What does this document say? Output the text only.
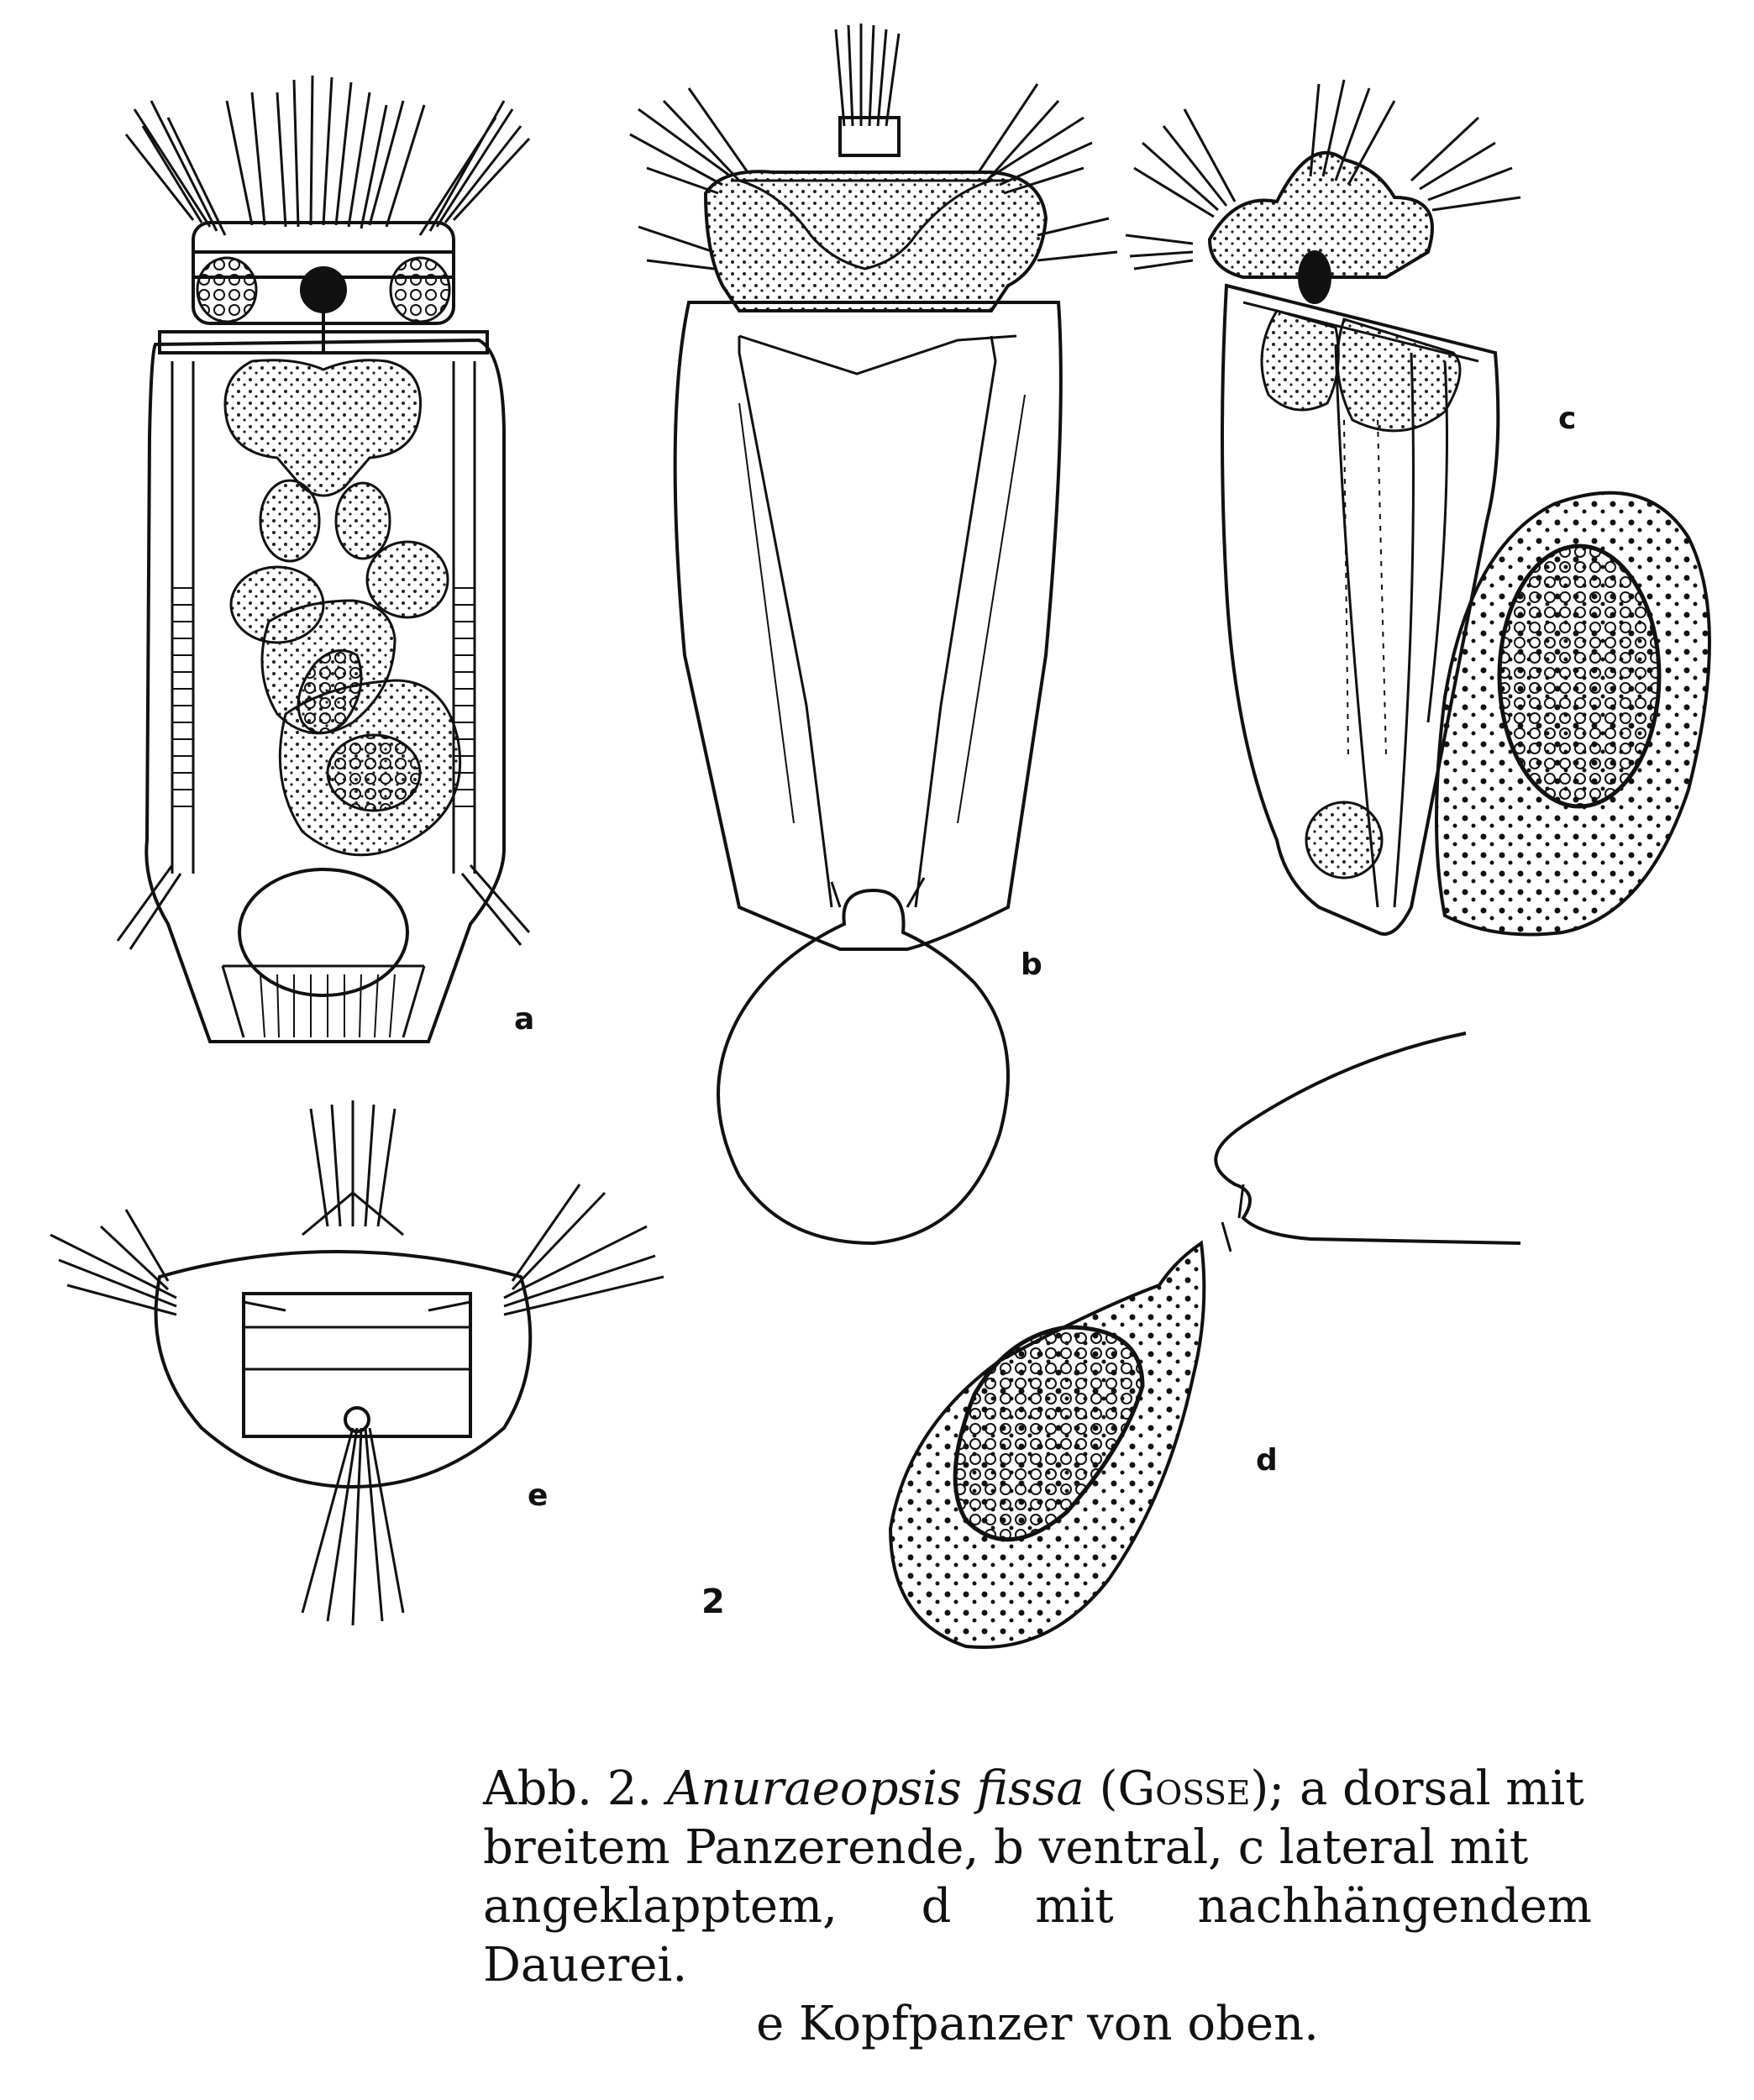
a
b
c
e
d
2
Abb. 2. Anuraeopsis fissa (Gosse); a dorsal mit
breitem Panzerende, b ventral, c lateral mit
angeklapptem, d mit nachhängendem Dauerei.
e Kopfpanzer von oben.
